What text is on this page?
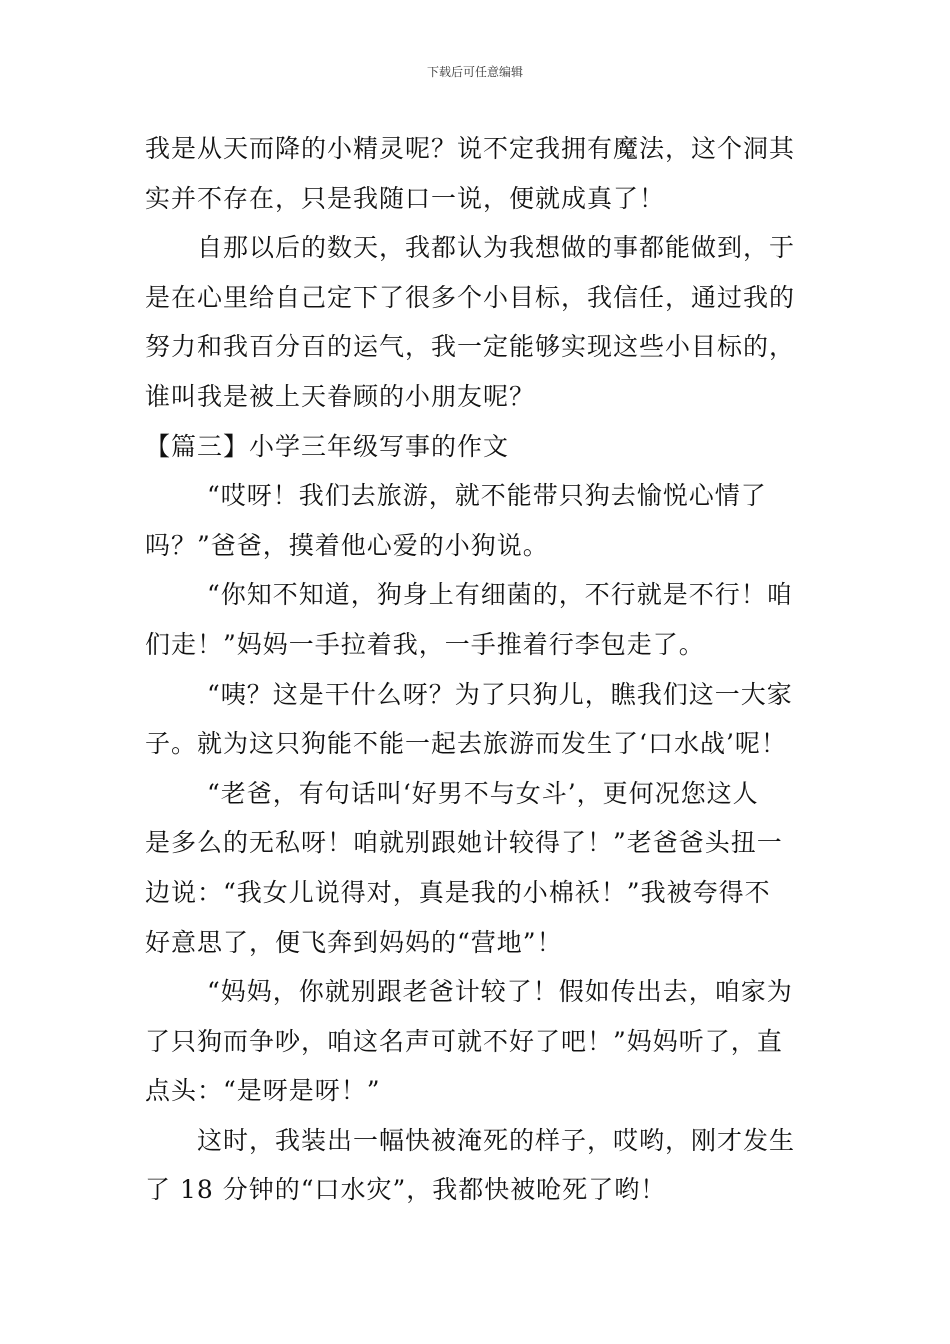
下载后可任意编辑
我是从天而降的小精灵呢？说不定我拥有魔法，这个洞其
实并不存在，只是我随口一说，便就成真了！
自那以后的数天，我都认为我想做的事都能做到，于
是在心里给自己定下了很多个小目标，我信任，通过我的
努力和我百分百的运气，我一定能够实现这些小目标的，
谁叫我是被上天眷顾的小朋友呢？
【篇三】小学三年级写事的作文
“哎呀！我们去旅游，就不能带只狗去愉悦心情了
吗？”爸爸，摸着他心爱的小狗说。
“你知不知道，狗身上有细菌的，不行就是不行！咱
们走！”妈妈一手拉着我，一手推着行李包走了。
“咦？这是干什么呀？为了只狗儿，瞧我们这一大家
子。就为这只狗能不能一起去旅游而发生了‘口水战’呢！
“老爸，有句话叫‘好男不与女斗’，更何况您这人
是多么的无私呀！咱就别跟她计较得了！”老爸爸头扭一
边说：“我女儿说得对，真是我的小棉袄！”我被夸得不
好意思了，便飞奔到妈妈的“营地”！
“妈妈，你就别跟老爸计较了！假如传出去，咱家为
了只狗而争吵，咱这名声可就不好了吧！”妈妈听了，直
点头：“是呀是呀！”
这时，我装出一幅快被淹死的样子，哎哟，刚才发生
了 18 分钟的“口水灾”，我都快被呛死了哟！
